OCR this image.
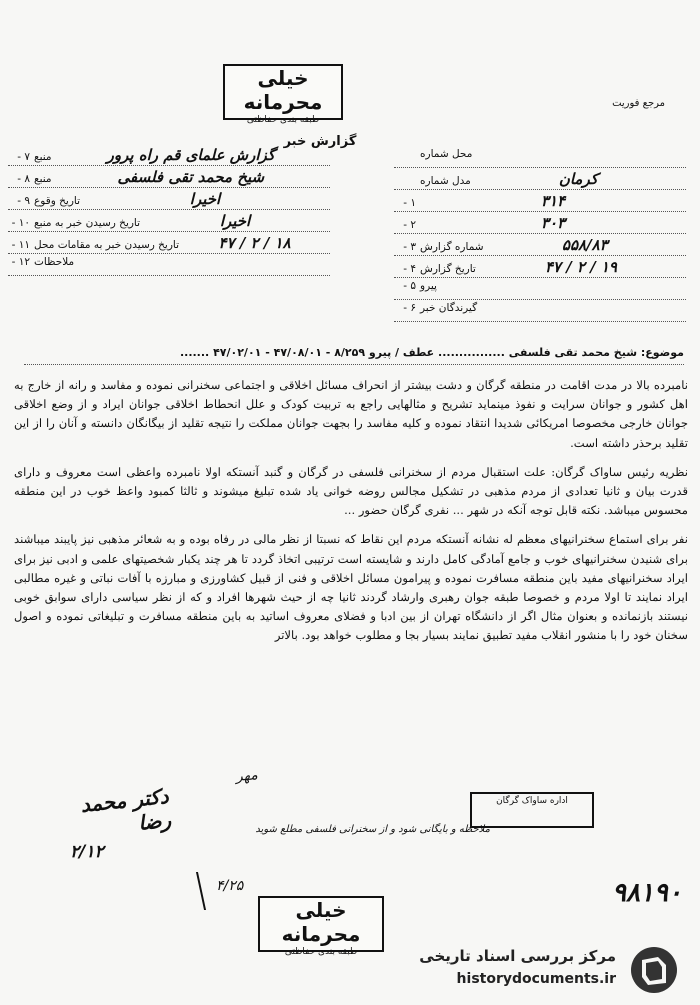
خیلی محرمانه
طبقه بندی حفاظتی
مرجع فوریت
گزارش خبر
۷ - منبع	گزارش علمای قم راه پرور
۸ - منبع	شیخ محمد تقی فلسفی
۹ - تاریخ وقوع	اخیرا
۱۰ - تاریخ رسیدن خبر به منبع	اخیرا
۱۱ - تاریخ رسیدن خبر به مقامات محل	۱۸ / ۲ / ۴۷
۱۲ - ملاحظات
محل شماره
مدل شماره	کرمان
۱ -	۳۱۴
۲ -	۳۰۳
۳ - شماره گزارش	۵۵۸/۸۳
۴ - تاریخ گزارش	۱۹ / ۲ / ۴۷
۵ - پیرو
۶ - گیرندگان خبر
موضوع: شیخ محمد تقی فلسفی ................ عطف / پیرو ۸/۲۵۹ - ۴۷/۰۸/۰۱ - ۴۷/۰۲/۰۱ .......

نامبرده بالا در مدت اقامت در منطقه گرگان و دشت بیشتر از انحراف مسائل اخلاقی و اجتماعی سخنرانی نموده و مفاسد و رانه از خارج به اهل کشور و جوانان سرایت و نفوذ مینماید تشریح و مثالهایی راجع به تربیت کودک و علل انحطاط اخلاقی جوانان ایراد و از وضع اخلاقی جوانان خارجی مخصوصا امریکائی شدیدا انتقاد نموده و کلیه مفاسد را بجهت جوانان مملکت را نتیجه تقلید از بیگانگان دانسته و آنان را از این تقلید برحذر داشته است.

نظریه رئیس ساواک گرگان: علت استقبال مردم از سخنرانی فلسفی در گرگان و گنبد آنستکه اولا نامبرده واعظی است معروف و دارای قدرت بیان و ثانیا تعدادی از مردم مذهبی در تشکیل مجالس روضه خوانی یاد شده تبلیغ میشوند و ثالثا کمبود واعظ خوب در این منطقه محسوس میباشد. نکته قابل توجه آنکه در شهر ... نفری گرگان حضور ...

نفر برای استماع سخنرانیهای معظم له نشانه آنستکه مردم این نقاط که نسبتا از نظر مالی در رفاه بوده و به شعائر مذهبی نیز پایبند میباشند برای شنیدن سخنرانیهای خوب و جامع آمادگی کامل دارند و شایسته است ترتیبی اتخاذ گردد تا هر چند یکبار شخصیتهای علمی و ادبی نیز برای ایراد سخنرانیهای مفید باین منطقه مسافرت نموده و پیرامون مسائل اخلاقی و فنی از قبیل کشاورزی و مبارزه با آفات نباتی و غیره مطالبی ایراد نمایند تا اولا مردم و خصوصا طبقه جوان رهبری وارشاد گردند ثانیا چه از حیث شهرها افراد و که از نظر سیاسی دارای سوابق خوبی نیستند بازنمانده و بعنوان مثال اگر از دانشگاه تهران از بین ادبا و فضلای معروف اساتید به باین منطقه مسافرت و تبلیغاتی نموده و اصول سخنان خود را با منشور انقلاب مفید تطبیق نمایند بسیار بجا و مطلوب خواهد بود. بالاتر

دکتر محمد رضا
۲/۱۲
مهر
اداره ساواک گرگان
ملاحظه و بایگانی شود و از سخنرانی فلسفی مطلع شوید
۴/۲۵	۹۸۱۹۰
خیلی محرمانه
طبقه بندی حفاظتی	مرکز بررسی اسناد تاریخی
historydocuments.ir
